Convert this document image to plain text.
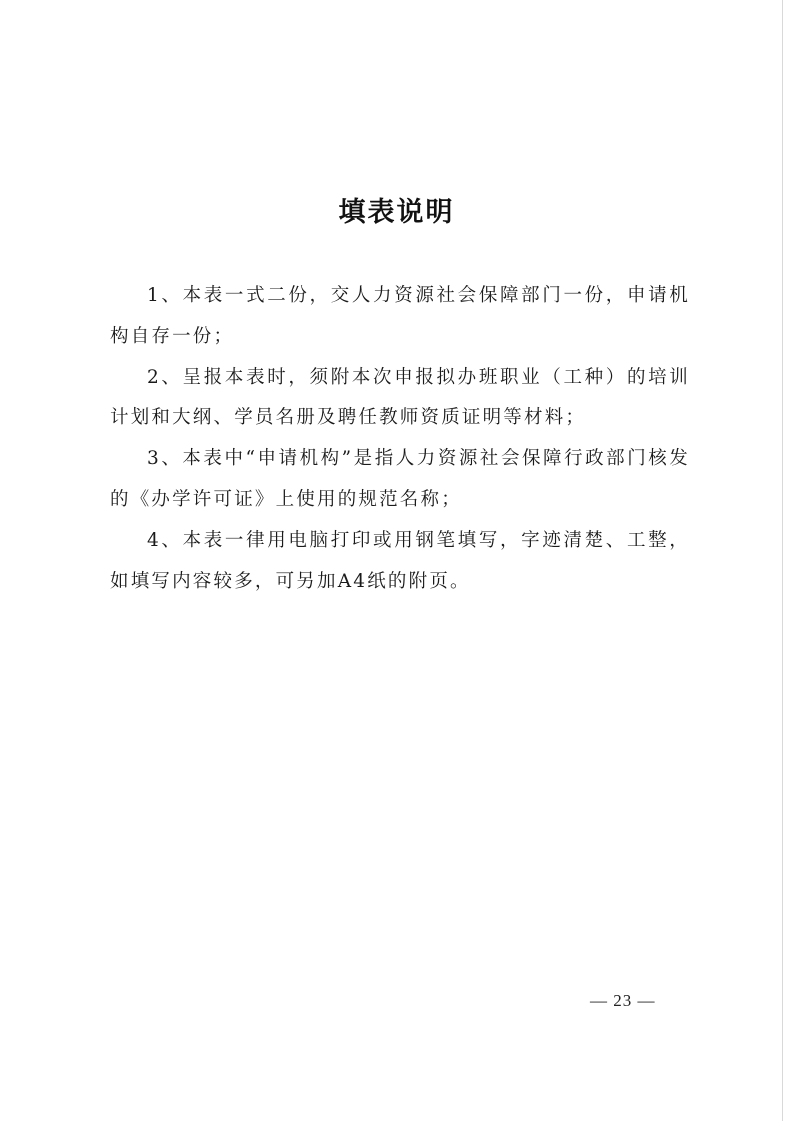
填表说明

1、本表一式二份，交人力资源社会保障部门一份，申请机构自存一份；

2、呈报本表时，须附本次申报拟办班职业（工种）的培训计划和大纲、学员名册及聘任教师资质证明等材料；

3、本表中“申请机构”是指人力资源社会保障行政部门核发的《办学许可证》上使用的规范名称；

4、本表一律用电脑打印或用钢笔填写，字迹清楚、工整，如填写内容较多，可另加A4纸的附页。

— 23 —
